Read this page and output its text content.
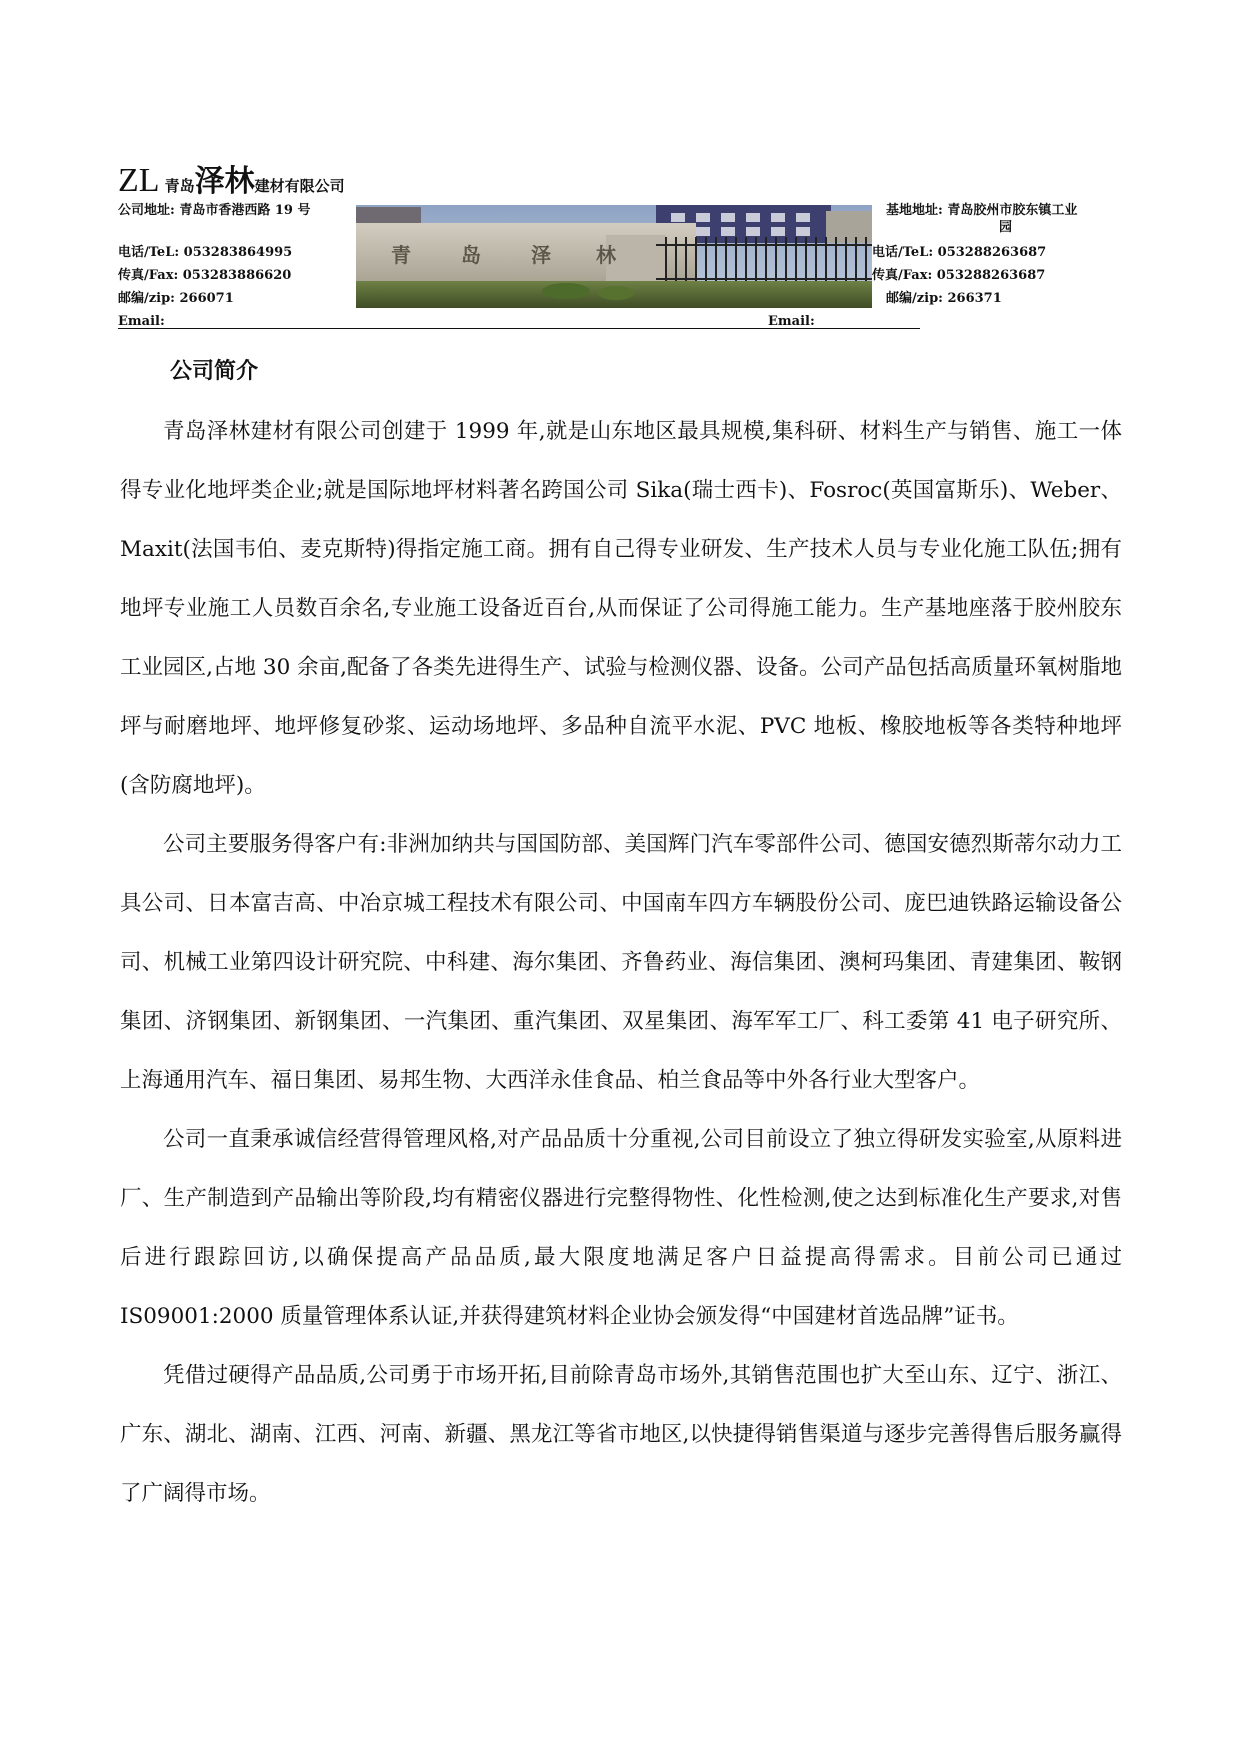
ZL 青岛泽林建材有限公司
公司地址: 青岛市香港西路 19 号
电话/TeL: 053283864995
传真/Fax: 053283886620
邮编/zip: 266071
Email:
基地地址: 青岛胶州市胶东镇工业
园
电话/TeL: 053288263687
传真/Fax: 053288263687
邮编/zip: 266371
Email:
青	岛	泽 林
公司简介

青岛泽林建材有限公司创建于 1999 年,就是山东地区最具规模,集科研、材料生产与销售、施工一体得专业化地坪类企业;就是国际地坪材料著名跨国公司 Sika(瑞士西卡)、Fosroc(英国富斯乐)、Weber、Maxit(法国韦伯、麦克斯特)得指定施工商。拥有自己得专业研发、生产技术人员与专业化施工队伍;拥有地坪专业施工人员数百余名,专业施工设备近百台,从而保证了公司得施工能力。生产基地座落于胶州胶东工业园区,占地 30 余亩,配备了各类先进得生产、试验与检测仪器、设备。公司产品包括高质量环氧树脂地坪与耐磨地坪、地坪修复砂浆、运动场地坪、多品种自流平水泥、PVC 地板、橡胶地板等各类特种地坪(含防腐地坪)。

公司主要服务得客户有:非洲加纳共与国国防部、美国辉门汽车零部件公司、德国安德烈斯蒂尔动力工具公司、日本富吉高、中冶京城工程技术有限公司、中国南车四方车辆股份公司、庞巴迪铁路运输设备公司、机械工业第四设计研究院、中科建、海尔集团、齐鲁药业、海信集团、澳柯玛集团、青建集团、鞍钢集团、济钢集团、新钢集团、一汽集团、重汽集团、双星集团、海军军工厂、科工委第 41 电子研究所、上海通用汽车、福日集团、易邦生物、大西洋永佳食品、柏兰食品等中外各行业大型客户。

公司一直秉承诚信经营得管理风格,对产品品质十分重视,公司目前设立了独立得研发实验室,从原料进厂、生产制造到产品输出等阶段,均有精密仪器进行完整得物性、化性检测,使之达到标准化生产要求,对售后进行跟踪回访,以确保提高产品品质,最大限度地满足客户日益提高得需求。目前公司已通过 IS09001:2000 质量管理体系认证,并获得建筑材料企业协会颁发得“中国建材首选品牌”证书。

凭借过硬得产品品质,公司勇于市场开拓,目前除青岛市场外,其销售范围也扩大至山东、辽宁、浙江、广东、湖北、湖南、江西、河南、新疆、黑龙江等省市地区,以快捷得销售渠道与逐步完善得售后服务赢得了广阔得市场。
